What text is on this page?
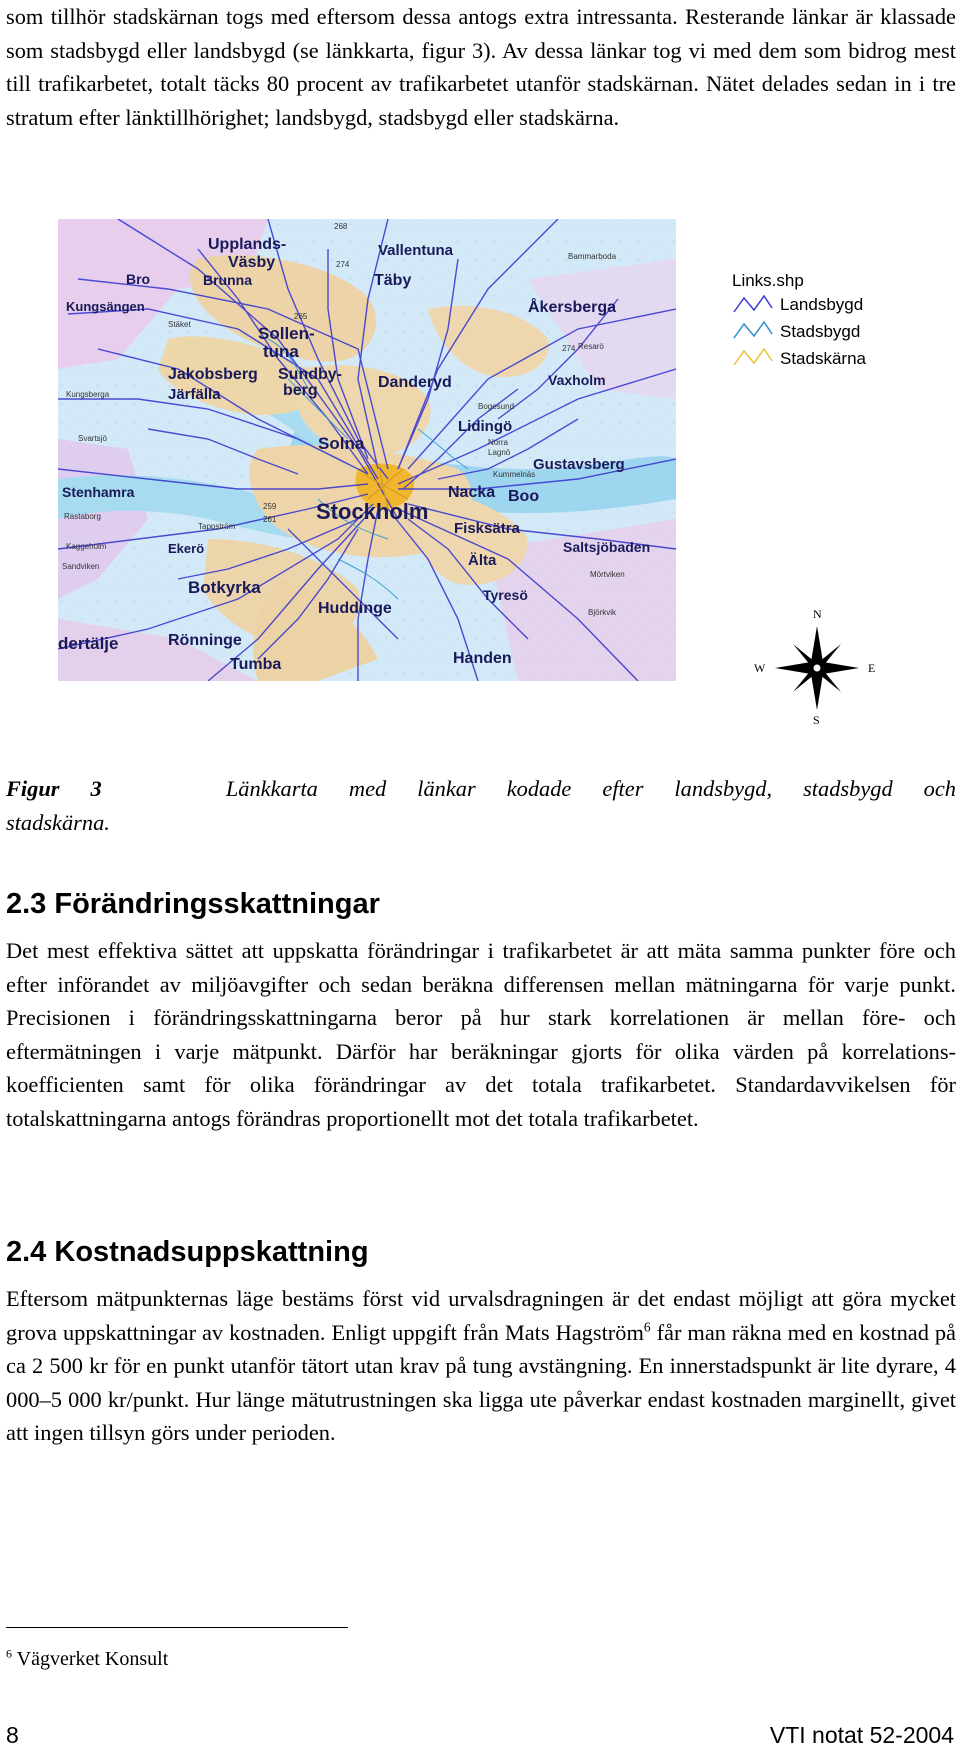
som tillhör stadskärnan togs med eftersom dessa antogs extra intressanta. Resterande länkar är klassade som stadsbygd eller landsbygd (se länkkarta, figur 3). Av dessa länkar tog vi med dem som bidrog mest till trafikarbetet, totalt täcks 80 procent av trafikarbetet utanför stadskärnan. Nätet delades sedan in i tre stratum efter länktillhörighet; landsbygd, stadsbygd eller stadskärna.

Upplands-
Väsby
Vallentuna
Bro	Brunna	Täby
Kungsängen	Åkersberga
Sollen-
tuna
Jakobsberg Sundby-
berg
Järfälla
Danderyd	Vaxholm
Lidingö
Solna
Gustavsberg
Stenhamra	Nacka Boo
Stockholm
Fisksätra
Saltsjöbaden
Ekerö
Älta
Botkyrka	Tyresö
Huddinge
dertälje	Rönninge
Handen
Tumba
268
265
274
274
259
261
Stäket
Kungsberga
Svartsjö
Rastaborg
Kaggeholm
Sandviken
Tappström
Bogesund
Resarö
Norra
Lagnö
Kummelnäs
Björkvik
Mörtviken
Bammarboda
Links.shp
Landsbygd
Stadsbygd
Stadskärna
N
S
W	E
Figur 3	Länkkarta med länkar kodade efter landsbygd, stadsbygd och
stadskärna.
2.3 Förändringsskattningar

Det mest effektiva sättet att uppskatta förändringar i trafikarbetet är att mäta samma punkter före och efter införandet av miljöavgifter och sedan beräkna differensen mellan mätningarna för varje punkt. Precisionen i förändringsskattningarna beror på hur stark korrelationen är mellan före- och eftermätningen i varje mätpunkt. Därför har beräkningar gjorts för olika värden på korrelationskoefficienten samt för olika förändringar av det totala trafikarbetet. Standardavvikelsen för totalskattningarna antogs förändras proportionellt mot det totala trafikarbetet.

2.4 Kostnadsuppskattning

Eftersom mätpunkternas läge bestäms först vid urvalsdragningen är det endast möjligt att göra mycket grova uppskattningar av kostnaden. Enligt uppgift från Mats Hagström$^6$ får man räkna med en kostnad på ca 2 500 kr för en punkt utanför tätort utan krav på tung avstängning. En innerstadspunkt är lite dyrare, 4 000–5 000 kr/punkt. Hur länge mätutrustningen ska ligga ute påverkar endast kostnaden marginellt, givet att ingen tillsyn görs under perioden.

$^6$ Vägverket Konsult
8	VTI notat 52-2004
